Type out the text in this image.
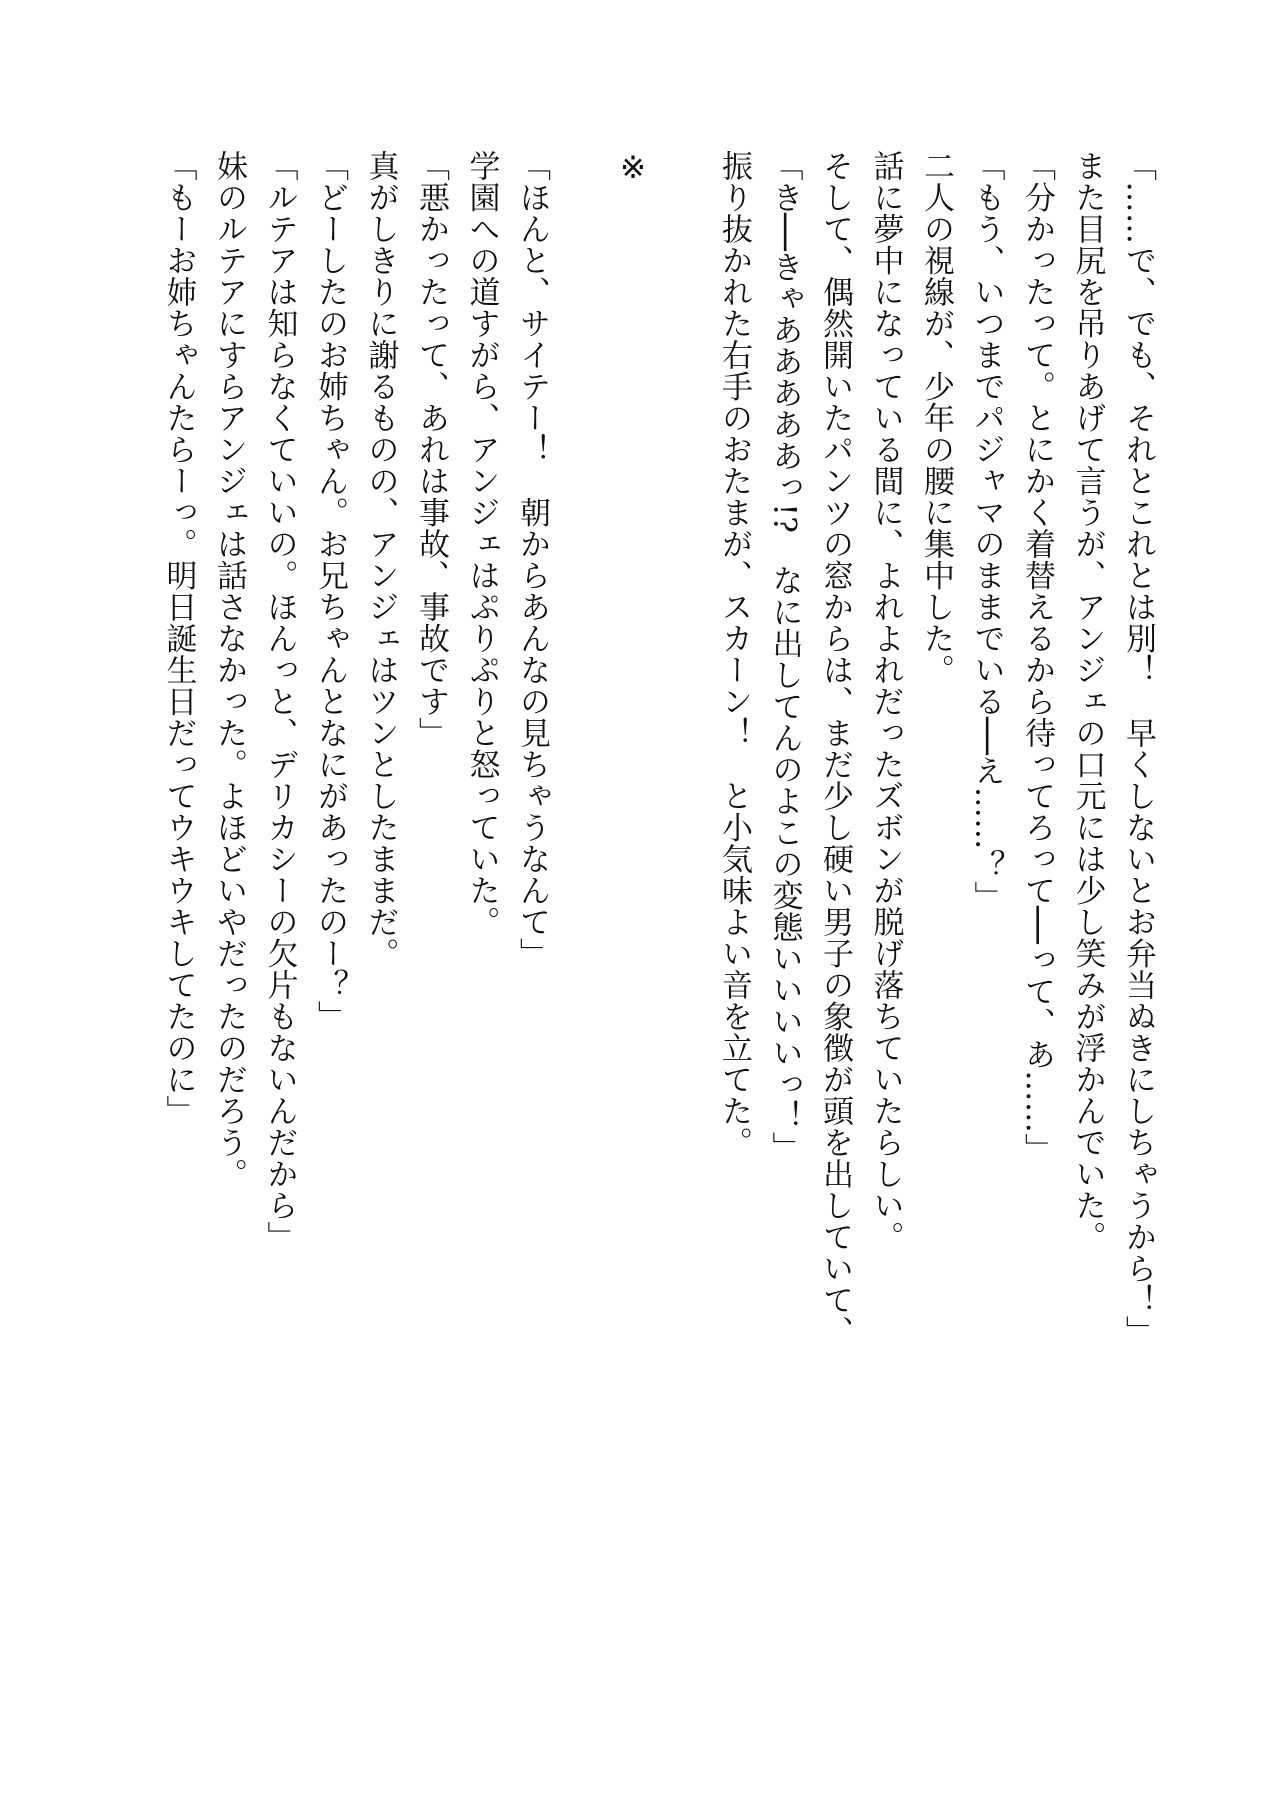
「……で、でも、それとこれとは別！　早くしないとお弁当ぬきにしちゃうから！」
また目尻を吊りあげて言うが、アンジェの口元には少し笑みが浮かんでいた。
「分かったって。とにかく着替えるから待ってろって──って、あ……」
「もう、いつまでパジャマのままでいる──え……？」
二人の視線が、少年の腰に集中した。
話に夢中になっている間に、よれよれだったズボンが脱げ落ちていたらしい。
そして、偶然開いたパンツの窓からは、まだ少し硬い男子の象徴が頭を出していて、
「き──きゃあああああっ!?　なに出してんのよこの変態いいいいっ！」
振り抜かれた右手のおたまが、スカーン！　と小気味よい音を立てた。
※
「ほんと、サイテー！　朝からあんなの見ちゃうなんて」
学園への道すがら、アンジェはぷりぷりと怒っていた。
「悪かったって、あれは事故、事故です」
真がしきりに謝るものの、アンジェはツンとしたままだ。
「どーしたのお姉ちゃん。お兄ちゃんとなにがあったのー？」
「ルテアは知らなくていいの。ほんっと、デリカシーの欠片もないんだから」
妹のルテアにすらアンジェは話さなかった。よほどいやだったのだろう。
「もーお姉ちゃんたらーっ。明日誕生日だってウキウキしてたのに」
